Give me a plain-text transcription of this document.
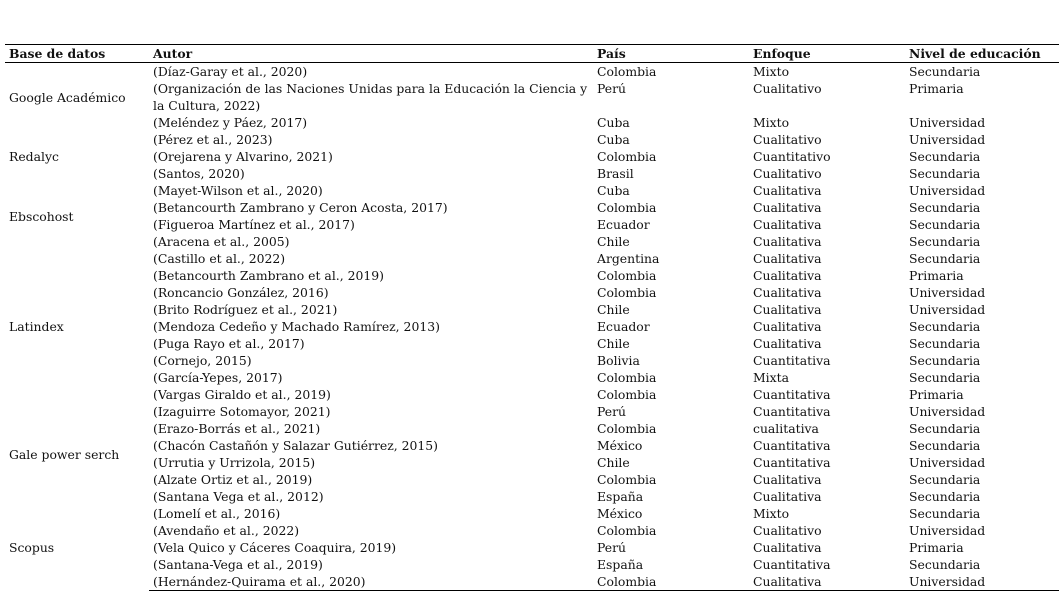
Base de datos	Autor	País	Enfoque	Nivel de educación
Google Académico	(Díaz-Garay et al., 2020)	Colombia	Mixto	Secundaria
	(Organización de las Naciones Unidas para la Educación la Ciencia y la Cultura, 2022)	Perú	Cualitativo	Primaria
	(Meléndez y Páez, 2017)	Cuba	Mixto	Universidad
Redalyc	(Pérez et al., 2023)	Cuba	Cualitativo	Universidad
	(Orejarena y Alvarino, 2021)	Colombia	Cuantitativo	Secundaria
	(Santos, 2020)	Brasil	Cualitativo	Secundaria
Ebscohost	(Mayet-Wilson et al., 2020)	Cuba	Cualitativa	Universidad
	(Betancourth Zambrano y Ceron Acosta, 2017)	Colombia	Cualitativa	Secundaria
	(Figueroa Martínez et al., 2017)	Ecuador	Cualitativa	Secundaria
	(Aracena et al., 2005)	Chile	Cualitativa	Secundaria
Latindex	(Castillo et al., 2022)	Argentina	Cualitativa	Secundaria
	(Betancourth Zambrano et al., 2019)	Colombia	Cualitativa	Primaria
	(Roncancio González, 2016)	Colombia	Cualitativa	Universidad
	(Brito Rodríguez et al., 2021)	Chile	Cualitativa	Universidad
	(Mendoza Cedeño y Machado Ramírez, 2013)	Ecuador	Cualitativa	Secundaria
	(Puga Rayo et al., 2017)	Chile	Cualitativa	Secundaria
	(Cornejo, 2015)	Bolivia	Cuantitativa	Secundaria
	(García-Yepes, 2017)	Colombia	Mixta	Secundaria
	(Vargas Giraldo et al., 2019)	Colombia	Cuantitativa	Primaria
Gale power serch	(Izaguirre Sotomayor, 2021)	Perú	Cuantitativa	Universidad
	(Erazo-Borrás et al., 2021)	Colombia	cualitativa	Secundaria
	(Chacón Castañón y Salazar Gutiérrez, 2015)	México	Cuantitativa	Secundaria
	(Urrutia y Urrizola, 2015)	Chile	Cuantitativa	Universidad
	(Alzate Ortiz et al., 2019)	Colombia	Cualitativa	Secundaria
	(Santana Vega et al., 2012)	España	Cualitativa	Secundaria
Scopus	(Lomelí et al., 2016)	México	Mixto	Secundaria
	(Avendaño et al., 2022)	Colombia	Cualitativo	Universidad
	(Vela Quico y Cáceres Coaquira, 2019)	Perú	Cualitativa	Primaria
	(Santana-Vega et al., 2019)	España	Cuantitativa	Secundaria
	(Hernández-Quirama et al., 2020)	Colombia	Cualitativa	Universidad
